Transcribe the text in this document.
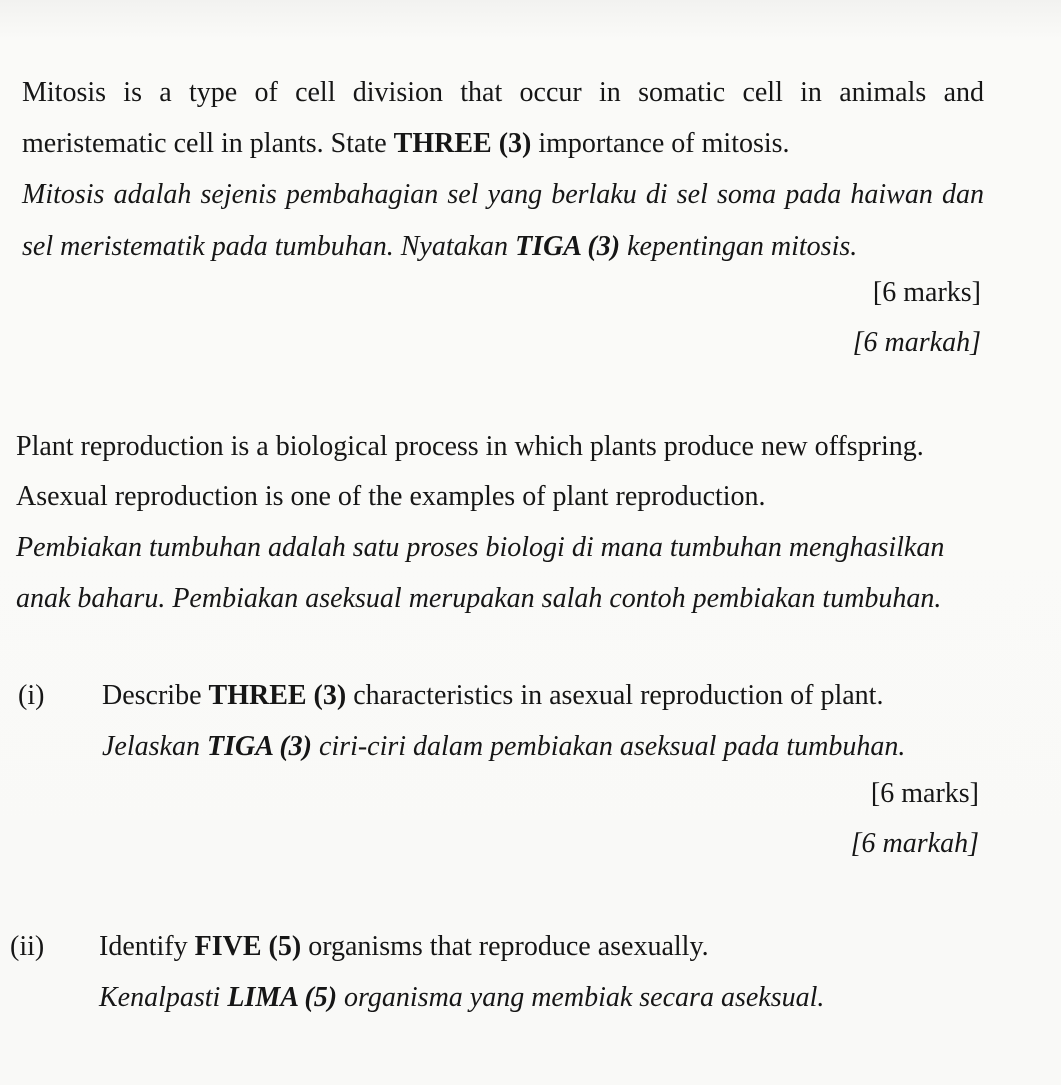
Mitosis is a type of cell division that occur in somatic cell in animals and
meristematic cell in plants. State THREE (3) importance of mitosis.
Mitosis adalah sejenis pembahagian sel yang berlaku di sel soma pada haiwan dan
sel meristematik pada tumbuhan. Nyatakan TIGA (3) kepentingan mitosis.
[6 marks]
[6 markah]
Plant reproduction is a biological process in which plants produce new offspring.
Asexual reproduction is one of the examples of plant reproduction.
Pembiakan tumbuhan adalah satu proses biologi di mana tumbuhan menghasilkan
anak baharu. Pembiakan aseksual merupakan salah contoh pembiakan tumbuhan.
(i) Describe THREE (3) characteristics in asexual reproduction of plant.
Jelaskan TIGA (3) ciri-ciri dalam pembiakan aseksual pada tumbuhan.
[6 marks]
[6 markah]
(ii) Identify FIVE (5) organisms that reproduce asexually.
Kenalpasti LIMA (5) organisma yang membiak secara aseksual.
